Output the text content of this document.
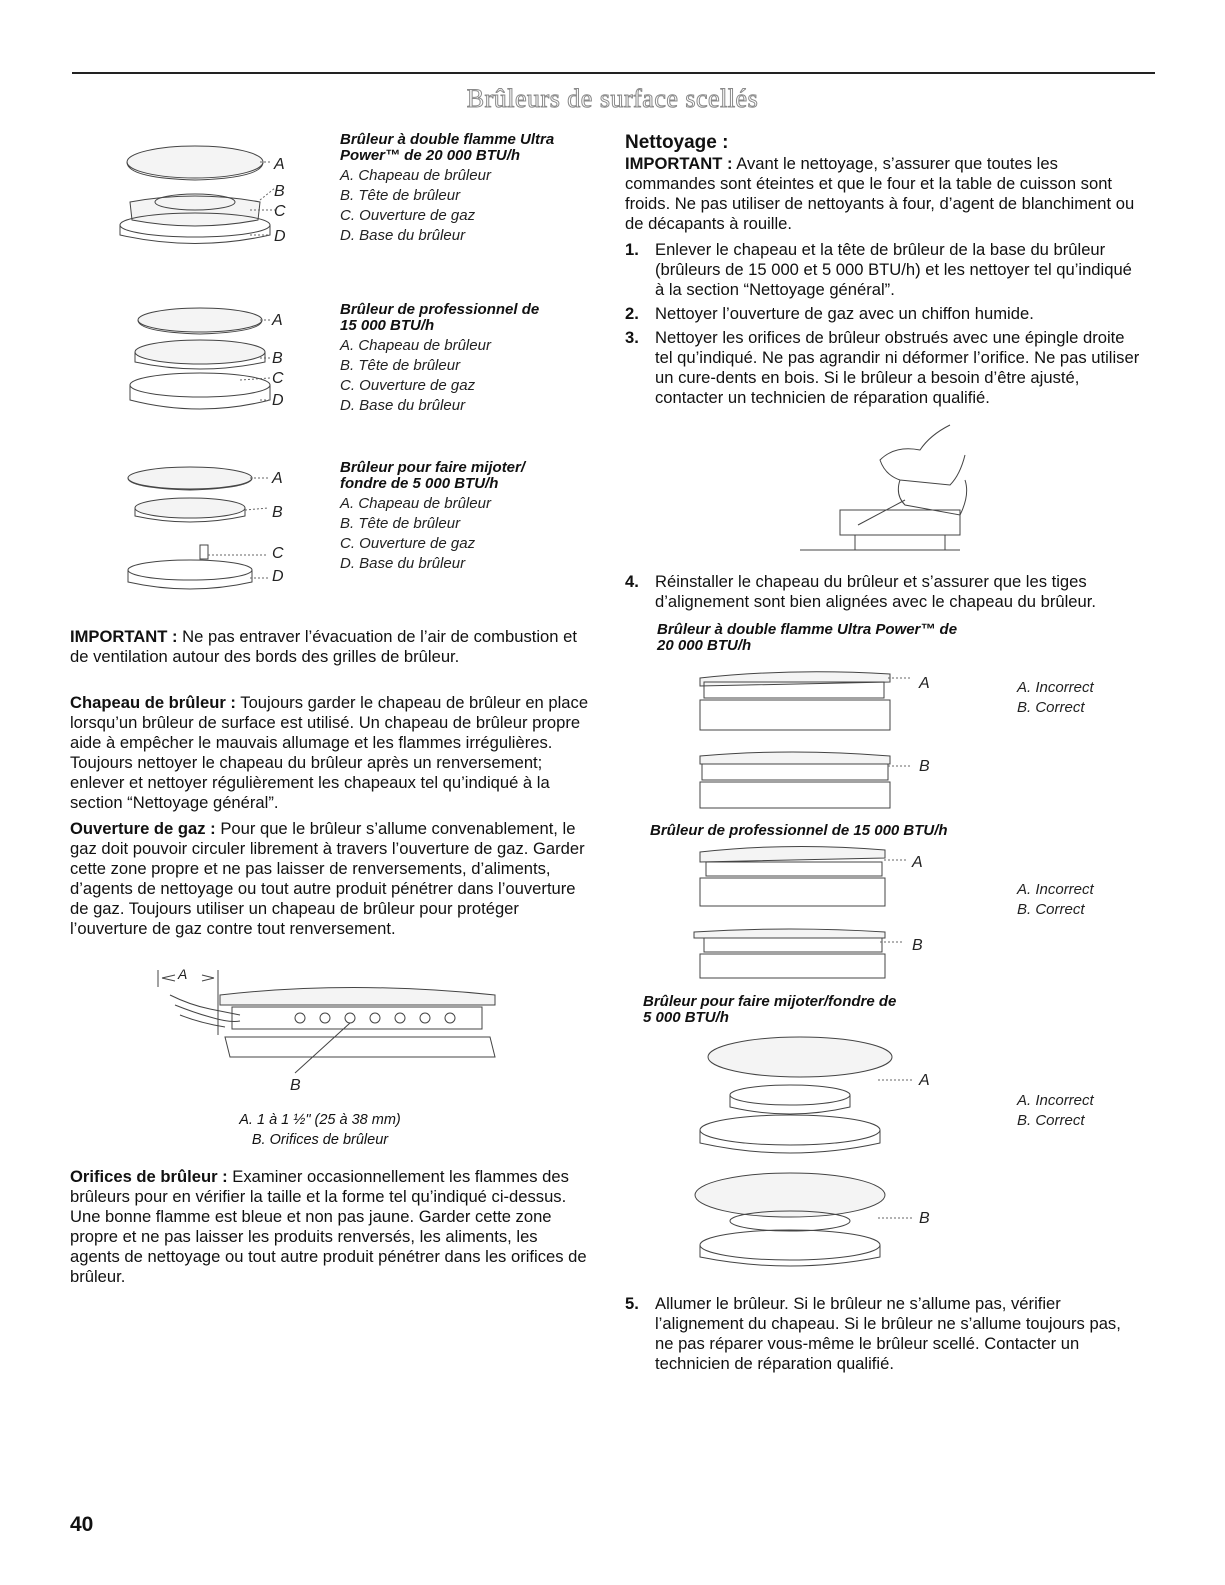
Brûleurs de surface scellés
A
B
C
D
Brûleur à double flamme Ultra
Power™ de 20 000 BTU/h
A. Chapeau de brûleur
B. Tête de brûleur
C. Ouverture de gaz
D. Base du brûleur
A
B
C
D
Brûleur de professionnel de
15 000 BTU/h
A. Chapeau de brûleur
B. Tête de brûleur
C. Ouverture de gaz
D. Base du brûleur
A
B
C
D
Brûleur pour faire mijoter/
fondre de 5 000 BTU/h
A. Chapeau de brûleur
B. Tête de brûleur
C. Ouverture de gaz
D. Base du brûleur
IMPORTANT : Ne pas entraver l’évacuation de l’air de combustion et de ventilation autour des bords des grilles de brûleur.
Chapeau de brûleur : Toujours garder le chapeau de brûleur en place lorsqu’un brûleur de surface est utilisé. Un chapeau de brûleur propre aide à empêcher le mauvais allumage et les flammes irrégulières. Toujours nettoyer le chapeau du brûleur après un renversement; enlever et nettoyer régulièrement les chapeaux tel qu’indiqué à la section “Nettoyage général”.
Ouverture de gaz : Pour que le brûleur s’allume convenablement, le gaz doit pouvoir circuler librement à travers l’ouverture de gaz. Garder cette zone propre et ne pas laisser de renversements, d’aliments, d’agents de nettoyage ou tout autre produit pénétrer dans l’ouverture de gaz. Toujours utiliser un chapeau de brûleur pour protéger l’ouverture de gaz contre tout renversement.
A
B
A. 1 à 1 ½" (25 à 38 mm)
B. Orifices de brûleur
Orifices de brûleur : Examiner occasionnellement les flammes des brûleurs pour en vérifier la taille et la forme tel qu’indiqué ci-dessus. Une bonne flamme est bleue et non pas jaune. Garder cette zone propre et ne pas laisser les produits renversés, les aliments, les agents de nettoyage ou tout autre produit pénétrer dans les orifices de brûleur.
Nettoyage :
IMPORTANT : Avant le nettoyage, s’assurer que toutes les commandes sont éteintes et que le four et la table de cuisson sont froids. Ne pas utiliser de nettoyants à four, d’agent de blanchiment ou de décapants à rouille.
1. Enlever le chapeau et la tête de brûleur de la base du brûleur (brûleurs de 15 000 et 5 000 BTU/h) et les nettoyer tel qu’indiqué à la section “Nettoyage général”.
2. Nettoyer l’ouverture de gaz avec un chiffon humide.
3. Nettoyer les orifices de brûleur obstrués avec une épingle droite tel qu’indiqué. Ne pas agrandir ni déformer l’orifice. Ne pas utiliser un cure-dents en bois. Si le brûleur a besoin d’être ajusté, contacter un technicien de réparation qualifié.
4. Réinstaller le chapeau du brûleur et s’assurer que les tiges d’alignement sont bien alignées avec le chapeau du brûleur.
Brûleur à double flamme Ultra Power™ de
20 000 BTU/h
A
B
A. Incorrect
B. Correct
Brûleur de professionnel de 15 000 BTU/h
A
B
A. Incorrect
B. Correct
Brûleur pour faire mijoter/fondre de
5 000 BTU/h
A
B
A. Incorrect
B. Correct
5. Allumer le brûleur. Si le brûleur ne s’allume pas, vérifier l’alignement du chapeau. Si le brûleur ne s’allume toujours pas, ne pas réparer vous-même le brûleur scellé. Contacter un technicien de réparation qualifié.
40
